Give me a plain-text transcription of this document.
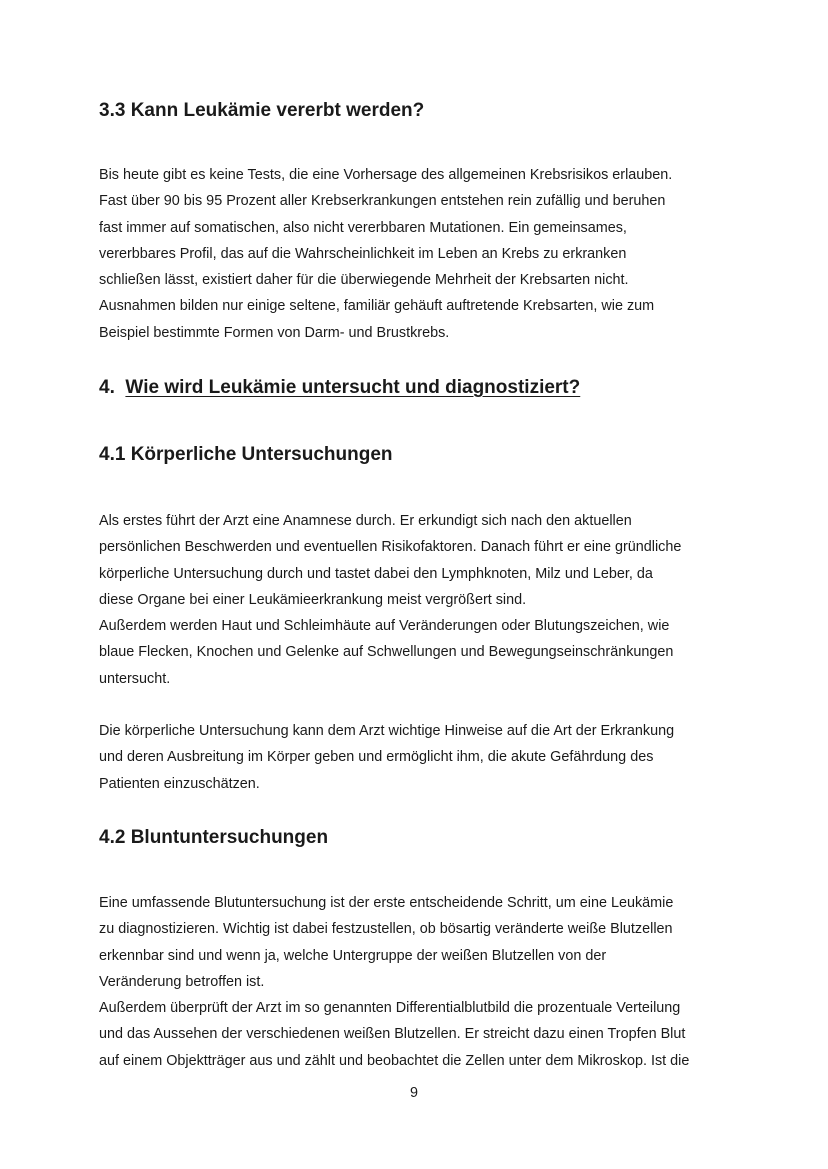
3.3 Kann Leukämie vererbt werden?
Bis heute gibt es keine Tests, die eine Vorhersage des allgemeinen Krebsrisikos erlauben.
Fast über 90 bis 95 Prozent aller Krebserkrankungen entstehen rein zufällig und beruhen
fast immer auf somatischen, also nicht vererbbaren Mutationen. Ein gemeinsames,
vererbbares Profil, das auf die Wahrscheinlichkeit im Leben an Krebs zu erkranken
schließen lässt, existiert daher für die überwiegende Mehrheit der Krebsarten nicht.
Ausnahmen bilden nur einige seltene, familiär gehäuft auftretende Krebsarten, wie zum
Beispiel bestimmte Formen von Darm- und Brustkrebs.
4. Wie wird Leukämie untersucht und diagnostiziert?
4.1 Körperliche Untersuchungen
Als erstes führt der Arzt eine Anamnese durch. Er erkundigt sich nach den aktuellen
persönlichen Beschwerden und eventuellen Risikofaktoren. Danach führt er eine gründliche
körperliche Untersuchung durch und tastet dabei den Lymphknoten, Milz und Leber, da
diese Organe bei einer Leukämieerkrankung meist vergrößert sind.
Außerdem werden Haut und Schleimhäute auf Veränderungen oder Blutungszeichen, wie
blaue Flecken, Knochen und Gelenke auf Schwellungen und Bewegungseinschränkungen
untersucht.
Die körperliche Untersuchung kann dem Arzt wichtige Hinweise auf die Art der Erkrankung
und deren Ausbreitung im Körper geben und ermöglicht ihm, die akute Gefährdung des
Patienten einzuschätzen.
4.2 Bluntuntersuchungen
Eine umfassende Blutuntersuchung ist der erste entscheidende Schritt, um eine Leukämie
zu diagnostizieren. Wichtig ist dabei festzustellen, ob bösartig veränderte weiße Blutzellen
erkennbar sind und wenn ja, welche Untergruppe der weißen Blutzellen von der
Veränderung betroffen ist.
Außerdem überprüft der Arzt im so genannten Differentialblutbild die prozentuale Verteilung
und das Aussehen der verschiedenen weißen Blutzellen. Er streicht dazu einen Tropfen Blut
auf einem Objektträger aus und zählt und beobachtet die Zellen unter dem Mikroskop. Ist die
9
